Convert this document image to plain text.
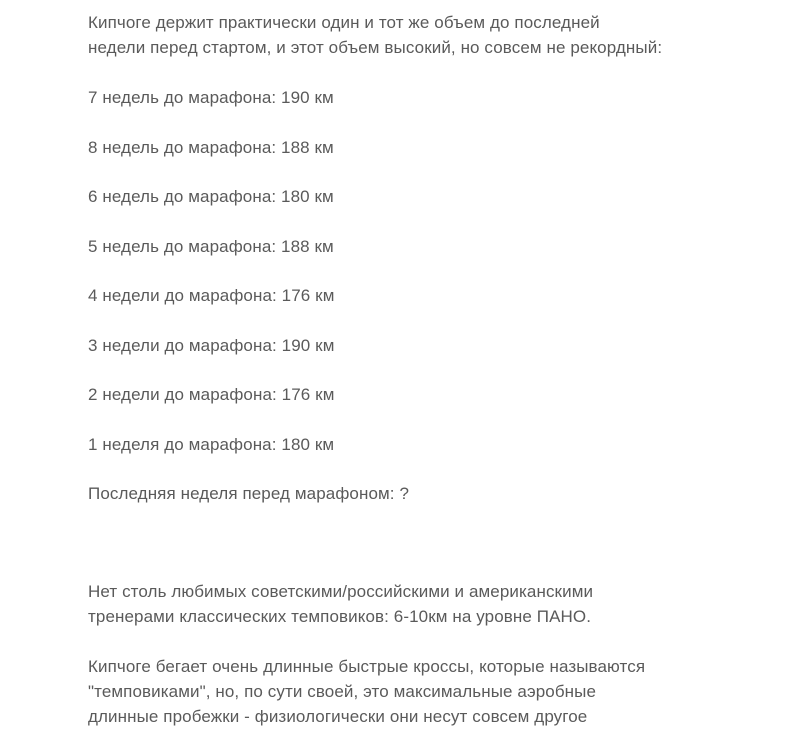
Кипчоге держит практически один и тот же объем до последней
недели перед стартом, и этот объем высокий, но совсем не рекордный:

7 недель до марафона: 190 км

8 недель до марафона: 188 км

6 недель до марафона: 180 км

5 недель до марафона: 188 км

4 недели до марафона: 176 км

3 недели до марафона: 190 км

2 недели до марафона: 176 км

1 неделя до марафона: 180 км

Последняя неделя перед марафоном: ?

Нет столь любимых советскими/российскими и американскими
тренерами классических темповиков: 6-10км на уровне ПАНО.

Кипчоге бегает очень длинные быстрые кроссы, которые называются
"темповиками", но, по сути своей, это максимальные аэробные
длинные пробежки - физиологически они несут совсем другое
